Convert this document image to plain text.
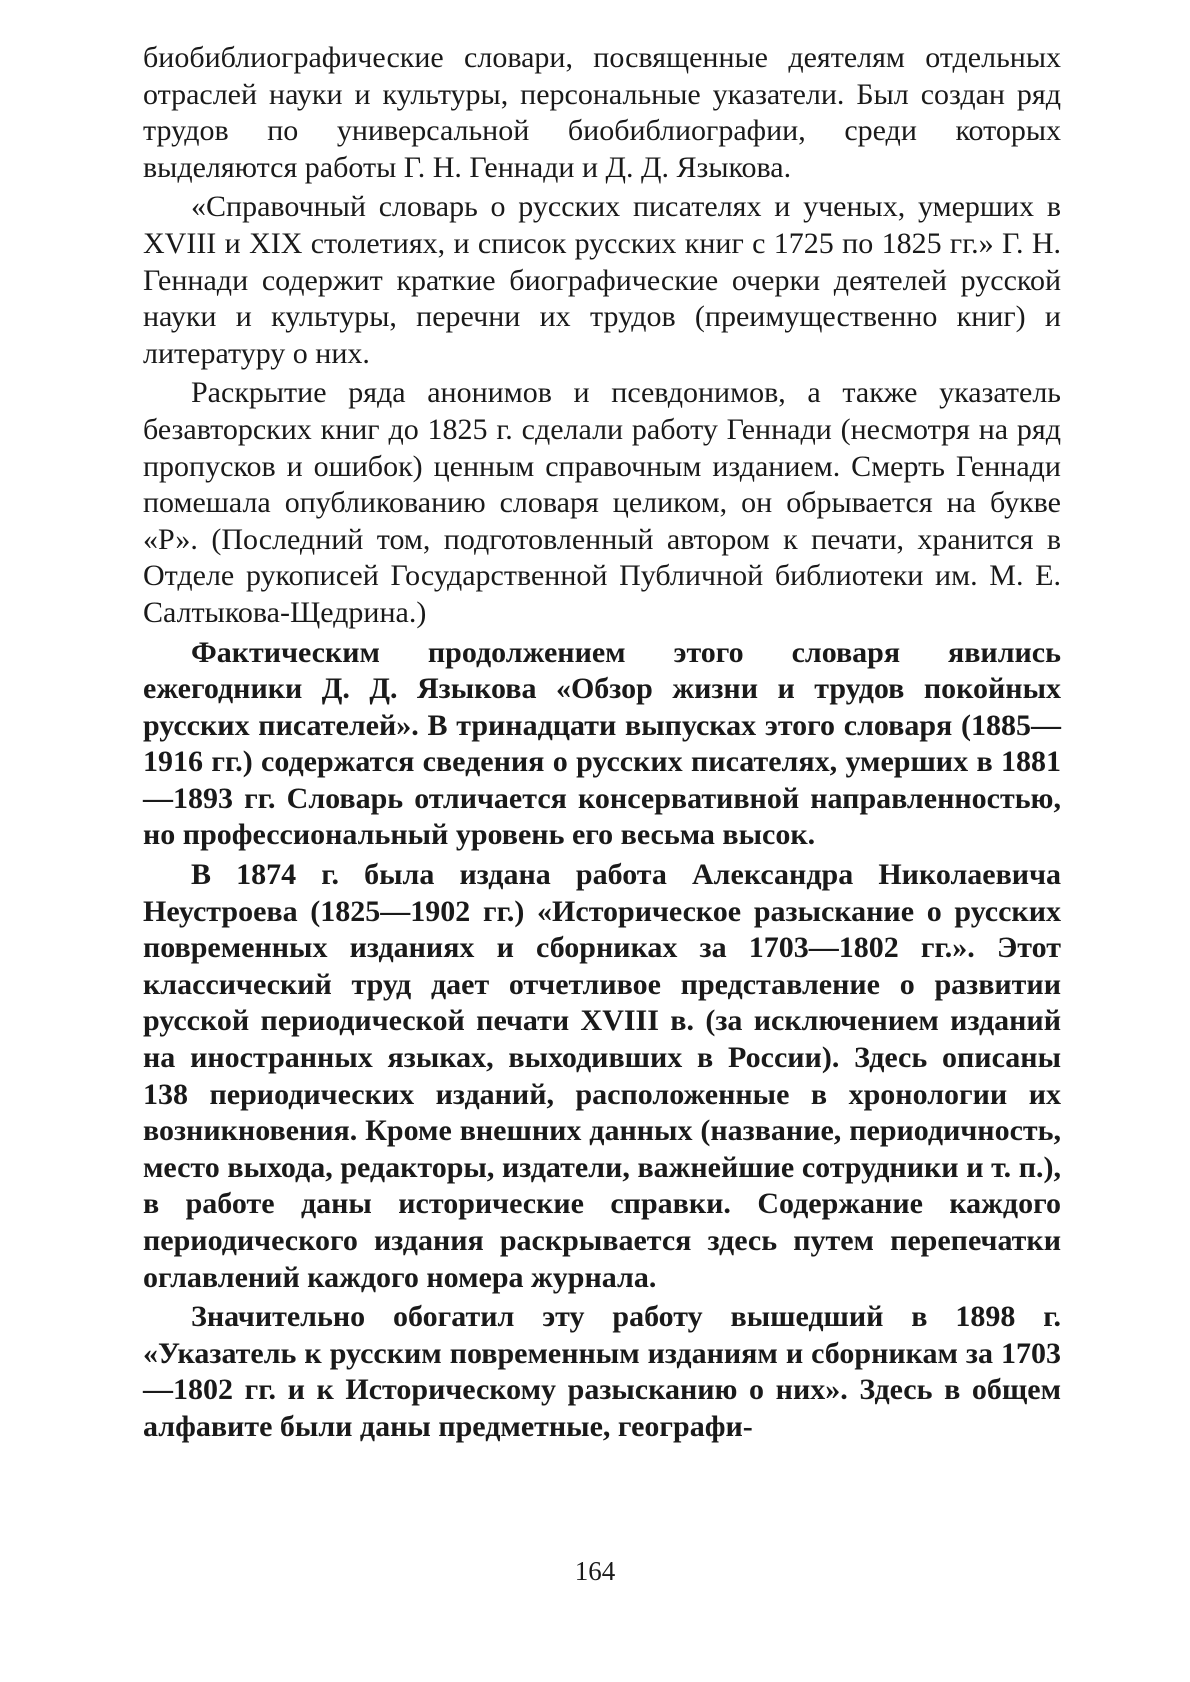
биобиблиографические словари, посвященные деятелям отдельных отраслей науки и культуры, персональные указатели. Был создан ряд трудов по универсальной биобиблиографии, среди которых выделяются работы Г. Н. Геннади и Д. Д. Языкова.

«Справочный словарь о русских писателях и ученых, умерших в XVIII и XIX столетиях, и список русских книг с 1725 по 1825 гг.» Г. Н. Геннади содержит краткие биографические очерки деятелей русской науки и культуры, перечни их трудов (преимущественно книг) и литературу о них.

Раскрытие ряда анонимов и псевдонимов, а также указатель безавторских книг до 1825 г. сделали работу Геннади (несмотря на ряд пропусков и ошибок) ценным справочным изданием. Смерть Геннади помешала опубликованию словаря целиком, он обрывается на букве «Р». (Последний том, подготовленный автором к печати, хранится в Отделе рукописей Государственной Публичной библиотеки им. М. Е. Салтыкова-Щедрина.)

Фактическим продолжением этого словаря явились ежегодники Д. Д. Языкова «Обзор жизни и трудов покойных русских писателей». В тринадцати выпусках этого словаря (1885—1916 гг.) содержатся сведения о русских писателях, умерших в 1881—1893 гг. Словарь отличается консервативной направленностью, но профессиональный уровень его весьма высок.

В 1874 г. была издана работа Александра Николаевича Неустроева (1825—1902 гг.) «Историческое разыскание о русских повременных изданиях и сборниках за 1703—1802 гг.». Этот классический труд дает отчетливое представление о развитии русской периодической печати XVIII в. (за исключением изданий на иностранных языках, выходивших в России). Здесь описаны 138 периодических изданий, расположенные в хронологии их возникновения. Кроме внешних данных (название, периодичность, место выхода, редакторы, издатели, важнейшие сотрудники и т. п.), в работе даны исторические справки. Содержание каждого периодического издания раскрывается здесь путем перепечатки оглавлений каждого номера журнала.

Значительно обогатил эту работу вышедший в 1898 г. «Указатель к русским повременным изданиям и сборникам за 1703—1802 гг. и к Историческому разысканию о них». Здесь в общем алфавите были даны предметные, географи-

164
